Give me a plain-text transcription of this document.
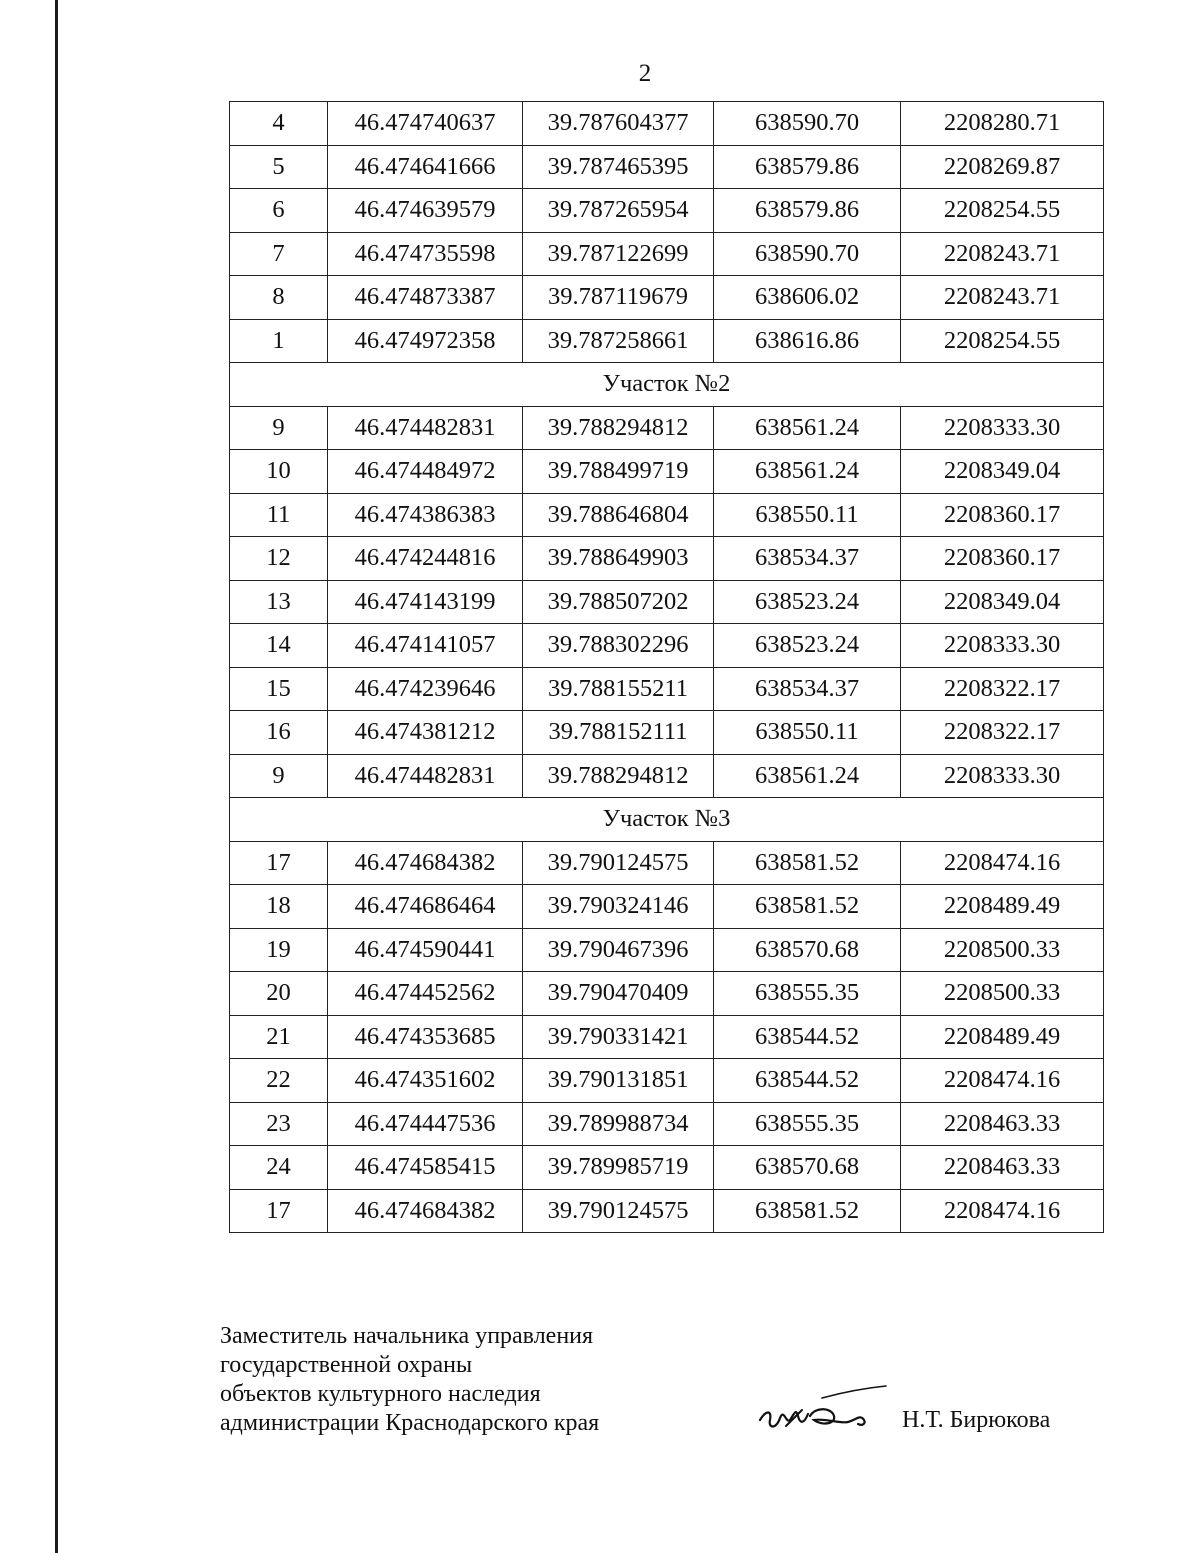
2
4	46.474740637	39.787604377	638590.70	2208280.71
5	46.474641666	39.787465395	638579.86	2208269.87
6	46.474639579	39.787265954	638579.86	2208254.55
7	46.474735598	39.787122699	638590.70	2208243.71
8	46.474873387	39.787119679	638606.02	2208243.71
1	46.474972358	39.787258661	638616.86	2208254.55
Участок №2				
9	46.474482831	39.788294812	638561.24	2208333.30
10	46.474484972	39.788499719	638561.24	2208349.04
11	46.474386383	39.788646804	638550.11	2208360.17
12	46.474244816	39.788649903	638534.37	2208360.17
13	46.474143199	39.788507202	638523.24	2208349.04
14	46.474141057	39.788302296	638523.24	2208333.30
15	46.474239646	39.788155211	638534.37	2208322.17
16	46.474381212	39.788152111	638550.11	2208322.17
9	46.474482831	39.788294812	638561.24	2208333.30
Участок №3				
17	46.474684382	39.790124575	638581.52	2208474.16
18	46.474686464	39.790324146	638581.52	2208489.49
19	46.474590441	39.790467396	638570.68	2208500.33
20	46.474452562	39.790470409	638555.35	2208500.33
21	46.474353685	39.790331421	638544.52	2208489.49
22	46.474351602	39.790131851	638544.52	2208474.16
23	46.474447536	39.789988734	638555.35	2208463.33
24	46.474585415	39.789985719	638570.68	2208463.33
17	46.474684382	39.790124575	638581.52	2208474.16
Заместитель начальника управления
государственной охраны
объектов культурного наследия
администрации Краснодарского края	Н.Т. Бирюкова
